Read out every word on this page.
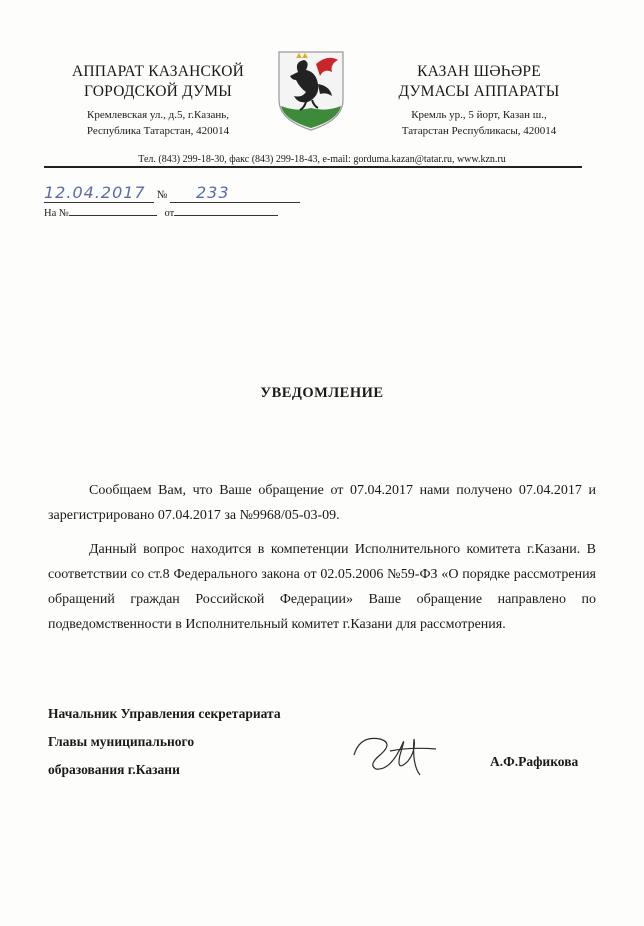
АППАРАТ КАЗАНСКОЙ
ГОРОДСКОЙ ДУМЫ
Кремлевская ул., д.5, г.Казань,
Республика Татарстан, 420014
КАЗАН ШӘҺӘРЕ
ДУМАСЫ АППАРАТЫ
Кремль ур., 5 йорт, Казан ш.,
Татарстан Республикасы, 420014
Тел. (843) 299-18-30, факс (843) 299-18-43, e-mail: gorduma.kazan@tatar.ru, www.kzn.ru
12.04.2017 № 233
На №	от
УВЕДОМЛЕНИЕ

Сообщаем Вам, что Ваше обращение от 07.04.2017 нами получено 07.04.2017 и зарегистрировано 07.04.2017 за №9968/05-03-09.

Данный вопрос находится в компетенции Исполнительного комитета г.Казани. В соответствии со ст.8 Федерального закона от 02.05.2006 №59-ФЗ «О порядке рассмотрения обращений граждан Российской Федерации» Ваше обращение направлено по подведомственности в Исполнительный комитет г.Казани для рассмотрения.

Начальник Управления секретариата
Главы муниципального
образования г.Казани
А.Ф.Рафикова
